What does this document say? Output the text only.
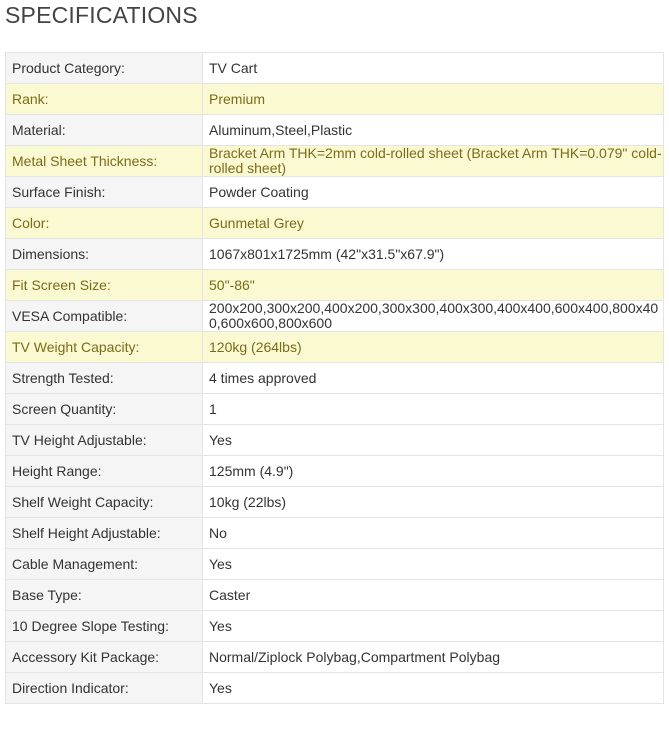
SPECIFICATIONS
Product Category:	TV Cart
Rank:	Premium
Material:	Aluminum,Steel,Plastic
Metal Sheet Thickness:	Bracket Arm THK=2mm cold-rolled sheet (Bracket Arm THK=0.079" cold-rolled sheet)
Surface Finish:	Powder Coating
Color:	Gunmetal Grey
Dimensions:	1067x801x1725mm (42"x31.5"x67.9")
Fit Screen Size:	50"-86"
VESA Compatible:	200x200,300x200,400x200,300x300,400x300,400x400,600x400,800x400,600x600,800x600
TV Weight Capacity:	120kg (264lbs)
Strength Tested:	4 times approved
Screen Quantity:	1
TV Height Adjustable:	Yes
Height Range:	125mm (4.9")
Shelf Weight Capacity:	10kg (22lbs)
Shelf Height Adjustable:	No
Cable Management:	Yes
Base Type:	Caster
10 Degree Slope Testing:	Yes
Accessory Kit Package:	Normal/Ziplock Polybag,Compartment Polybag
Direction Indicator:	Yes
